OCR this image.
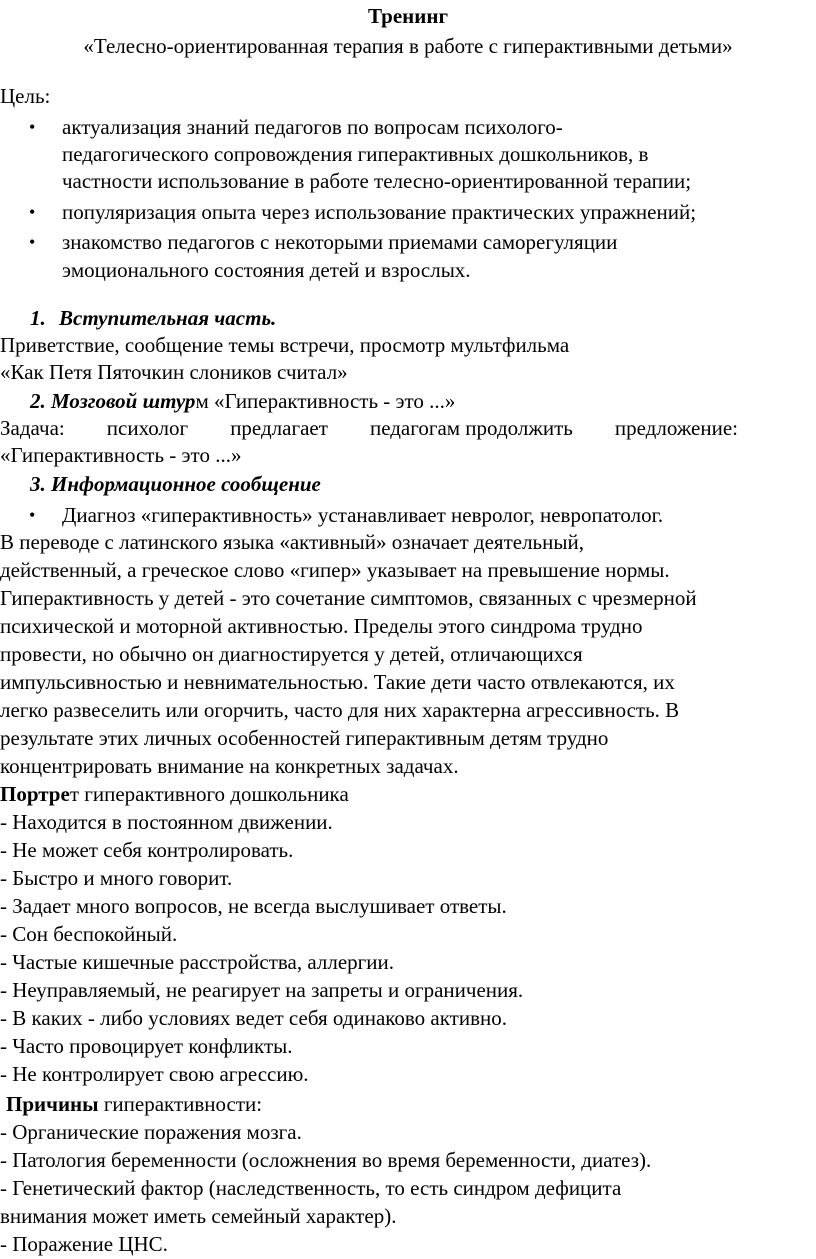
Тренинг
«Телесно-ориентированная терапия в работе с гиперактивными детьми»
Цель:
• актуализация знаний педагогов по вопросам психолого-
педагогического сопровождения гиперактивных дошкольников, в
частности использование в работе телесно-ориентированной терапии;
• популяризация опыта через использование практических упражнений;
• знакомство педагогов с некоторыми приемами саморегуляции
эмоционального состояния детей и взрослых.
1. Вступительная часть.
Приветствие, сообщение темы встречи, просмотр мультфильма
«Как Петя Пяточкин слоников считал»
2. Мозговой штурм «Гиперактивность - это ...»
Задача: психолог предлагает педагогам продолжить предложение:
«Гиперактивность - это ...»
3. Информационное сообщение
• Диагноз «гиперактивность» устанавливает невролог, невропатолог.
В переводе с латинского языка «активный» означает деятельный,
действенный, а греческое слово «гипер» указывает на превышение нормы.
Гиперактивность у детей - это сочетание симптомов, связанных с чрезмерной
психической и моторной активностью. Пределы этого синдрома трудно
провести, но обычно он диагностируется у детей, отличающихся
импульсивностью и невнимательностью. Такие дети часто отвлекаются, их
легко развеселить или огорчить, часто для них характерна агрессивность. В
результате этих личных особенностей гиперактивным детям трудно
концентрировать внимание на конкретных задачах.
Портрет гиперактивного дошкольника
- Находится в постоянном движении.
- Не может себя контролировать.
- Быстро и много говорит.
- Задает много вопросов, не всегда выслушивает ответы.
- Сон беспокойный.
- Частые кишечные расстройства, аллергии.
- Неуправляемый, не реагирует на запреты и ограничения.
- В каких - либо условиях ведет себя одинаково активно.
- Часто провоцирует конфликты.
- Не контролирует свою агрессию.
Причины гиперактивности:
- Органические поражения мозга.
- Патология беременности (осложнения во время беременности, диатез).
- Генетический фактор (наследственность, то есть синдром дефицита
внимания может иметь семейный характер).
- Поражение ЦНС.
